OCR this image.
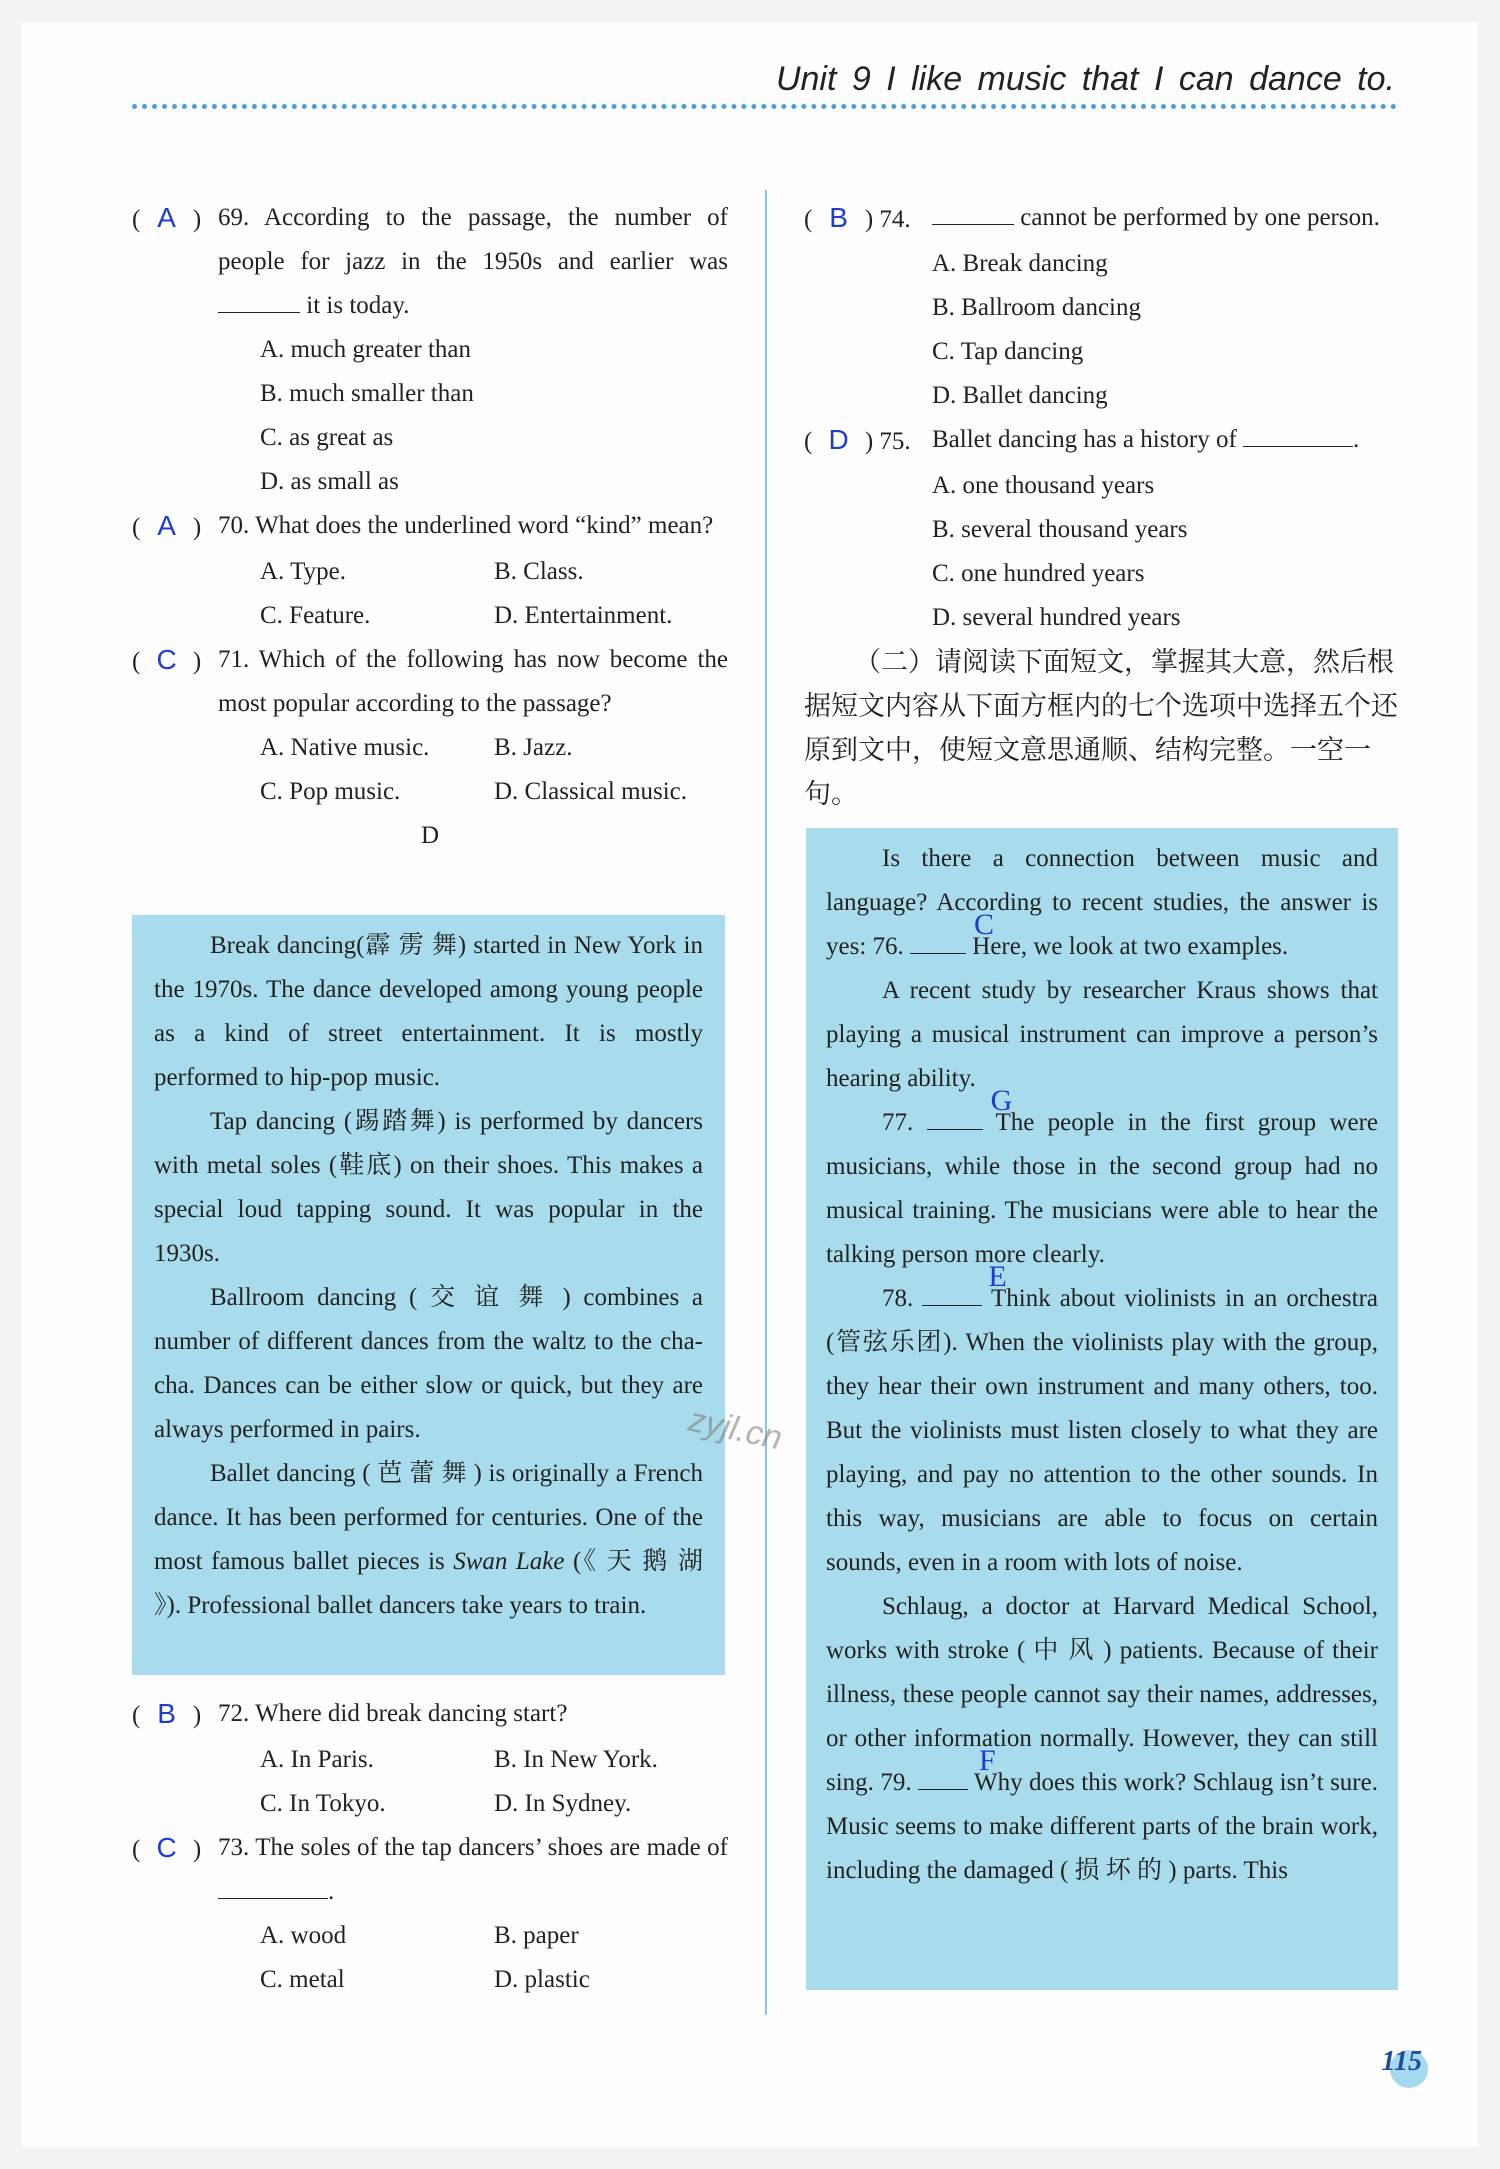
Unit 9 I like music that I can dance to.
( A ) 69. According to the passage, the number of people for jazz in the 1950s and earlier was  it is today.
A. much greater than
B. much smaller than
C. as great as
D. as small as
( A ) 70. What does the underlined word “kind” mean?
A. Type.	B. Class.
C. Feature.	D. Entertainment.
( C ) 71. Which of the following has now become the most popular according to the passage?
A. Native music.	B. Jazz.
C. Pop music.	D. Classical music.
D

Break dancing(霹 雳 舞) started in New York in the 1970s. The dance developed among young people as a kind of street entertainment. It is mostly performed to hip-pop music.

Tap dancing (踢踏舞) is performed by dancers with metal soles (鞋底) on their shoes. This makes a special loud tapping sound. It was popular in the 1930s.

Ballroom dancing ( 交 谊 舞 ) combines a number of different dances from the waltz to the cha-cha. Dances can be either slow or quick, but they are always performed in pairs.

Ballet dancing ( 芭 蕾 舞 ) is originally a French dance. It has been performed for centuries. One of the most famous ballet pieces is Swan Lake (《 天 鹅 湖 》). Professional ballet dancers take years to train.

zyjl.cn
( B ) 72. Where did break dancing start?
A. In Paris.	B. In New York.
C. In Tokyo.	D. In Sydney.
( C ) 73. The soles of the tap dancers’ shoes are made of .
A. wood	B. paper
C. metal	D. plastic
( B ) 74.	cannot be performed by one person.
A. Break dancing
B. Ballroom dancing
C. Tap dancing
D. Ballet dancing
( D ) 75. Ballet dancing has a history of	.
A. one thousand years
B. several thousand years
C. one hundred years
D. several hundred years

（二）请阅读下面短文，掌握其大意，然后根据短文内容从下面方框内的七个选项中选择五个还原到文中，使短文意思通顺、结构完整。一空一句。

Is there a connection between music and language? According to recent studies, the answer is yes: 76.
C
Here, we look at two examples.

A recent study by researcher Kraus shows that playing a musical instrument can improve a person’s hearing ability.

77.
G
The people in the first group were musicians, while those in the second group had no musical training. The musicians were able to hear the talking person more clearly.

78.
E
Think about violinists in an orchestra (管弦乐团). When the violinists play with the group, they hear their own instrument and many others, too. But the violinists must listen closely to what they are playing, and pay no attention to the other sounds. In this way, musicians are able to focus on certain sounds, even in a room with lots of noise.

Schlaug, a doctor at Harvard Medical School, works with stroke ( 中 风 ) patients. Because of their illness, these people cannot say their names, addresses, or other information normally. However, they can still sing. 79.
F
Why does this work? Schlaug isn’t sure. Music seems to make different parts of the brain work, including the damaged ( 损 坏 的 ) parts. This

115
